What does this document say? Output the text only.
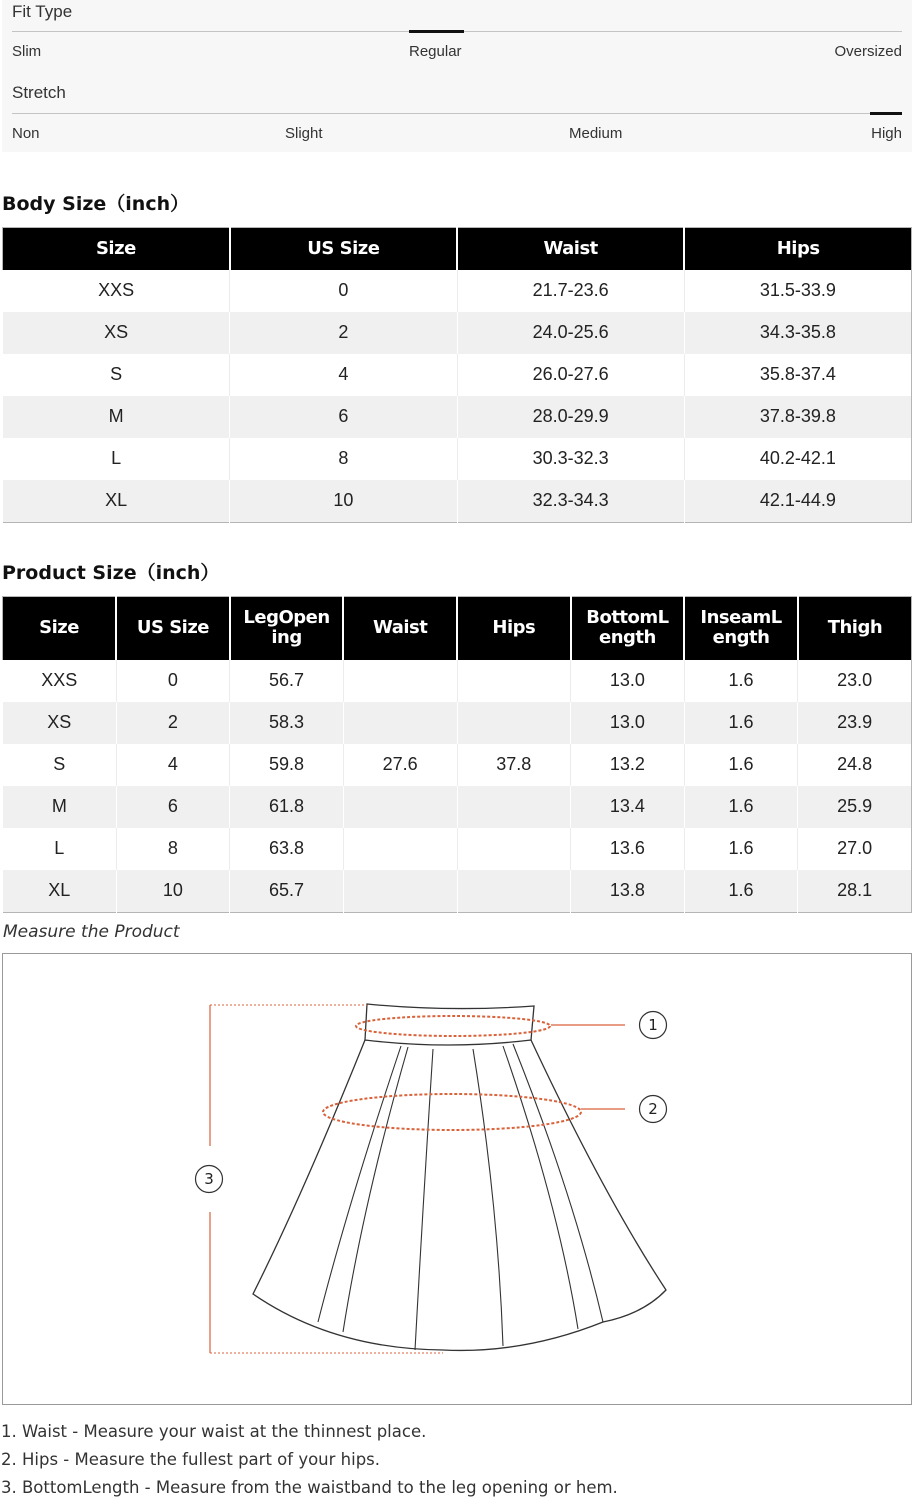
Fit Type
Slim	Regular	Oversized
Stretch
Non	Slight	Medium	High
Body Size（inch）
Size	US Size	Waist	Hips
XXS	0	21.7-23.6	31.5-33.9
XS	2	24.0-25.6	34.3-35.8
S	4	26.0-27.6	35.8-37.4
M	6	28.0-29.9	37.8-39.8
L	8	30.3-32.3	40.2-42.1
XL	10	32.3-34.3	42.1-44.9
Product Size（inch）
Size	US Size	LegOpen ing	Waist	Hips	BottomL ength	InseamL ength	Thigh
XXS	0	56.7			13.0	1.6	23.0
XS	2	58.3			13.0	1.6	23.9
S	4	59.8	27.6	37.8	13.2	1.6	24.8
M	6	61.8			13.4	1.6	25.9
L	8	63.8			13.6	1.6	27.0
XL	10	65.7			13.8	1.6	28.1
Measure the Product
1
2
3
1. Waist - Measure your waist at the thinnest place.
2. Hips - Measure the fullest part of your hips.
3. BottomLength - Measure from the waistband to the leg opening or hem.
